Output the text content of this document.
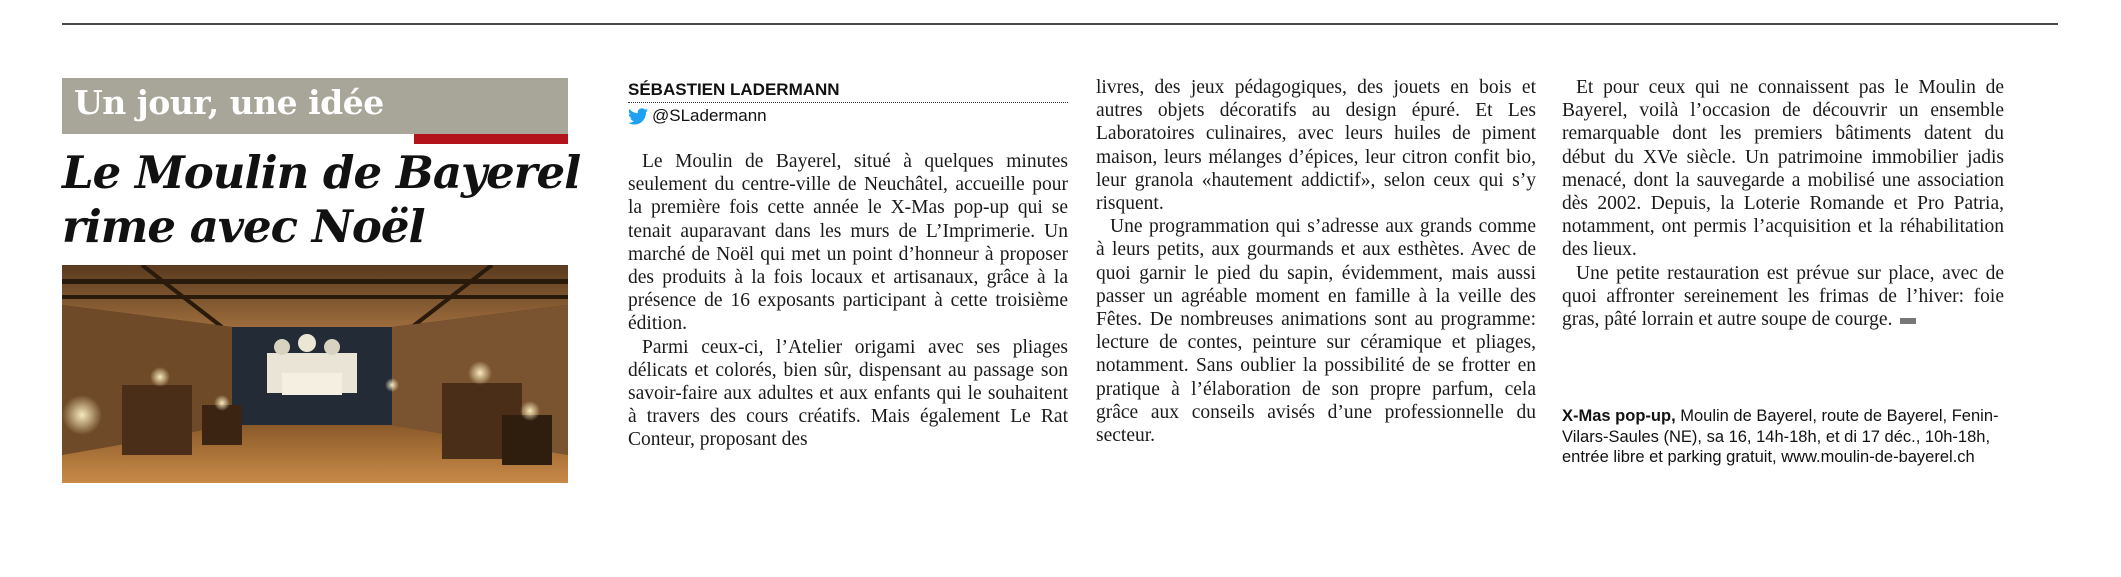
Un jour, une idée
Le Moulin de Bayerel
rime avec Noël
SÉBASTIEN LADERMANN
@SLadermann

Le Moulin de Bayerel, situé à quelques minutes seulement du centre-ville de Neuchâtel, accueille pour la première fois cette année le X-Mas pop-up qui se tenait auparavant dans les murs de L’Imprimerie. Un marché de Noël qui met un point d’honneur à proposer des produits à la fois locaux et artisanaux, grâce à la présence de 16 exposants participant à cette troisième édition.

Parmi ceux-ci, l’Atelier origami avec ses pliages délicats et colorés, bien sûr, dispensant au passage son savoir-faire aux adultes et aux enfants qui le souhaitent à travers des cours créatifs. Mais également Le Rat Conteur, proposant des

livres, des jeux pédagogiques, des jouets en bois et autres objets décoratifs au design épuré. Et Les Laboratoires culinaires, avec leurs huiles de piment maison, leurs mélanges d’épices, leur citron confit bio, leur granola «hautement addictif», selon ceux qui s’y risquent.

Une programmation qui s’adresse aux grands comme à leurs petits, aux gourmands et aux esthètes. Avec de quoi garnir le pied du sapin, évidemment, mais aussi passer un agréable moment en famille à la veille des Fêtes. De nombreuses animations sont au programme: lecture de contes, peinture sur céramique et pliages, notamment. Sans oublier la possibilité de se frotter en pratique à l’élaboration de son propre parfum, cela grâce aux conseils avisés d’une professionnelle du secteur.

Et pour ceux qui ne connaissent pas le Moulin de Bayerel, voilà l’occasion de découvrir un ensemble remarquable dont les premiers bâtiments datent du début du XVe siècle. Un patrimoine immobilier jadis menacé, dont la sauvegarde a mobilisé une association dès 2002. Depuis, la Loterie Romande et Pro Patria, notamment, ont permis l’acquisition et la réhabilitation des lieux.

Une petite restauration est prévue sur place, avec de quoi affronter sereinement les frimas de l’hiver: foie gras, pâté lorrain et autre soupe de courge.

X-Mas pop-up, Moulin de Bayerel, route de Bayerel, Fenin-Vilars-Saules (NE), sa 16, 14h-18h, et di 17 déc., 10h-18h, entrée libre et parking gratuit, www.moulin-de-bayerel.ch
